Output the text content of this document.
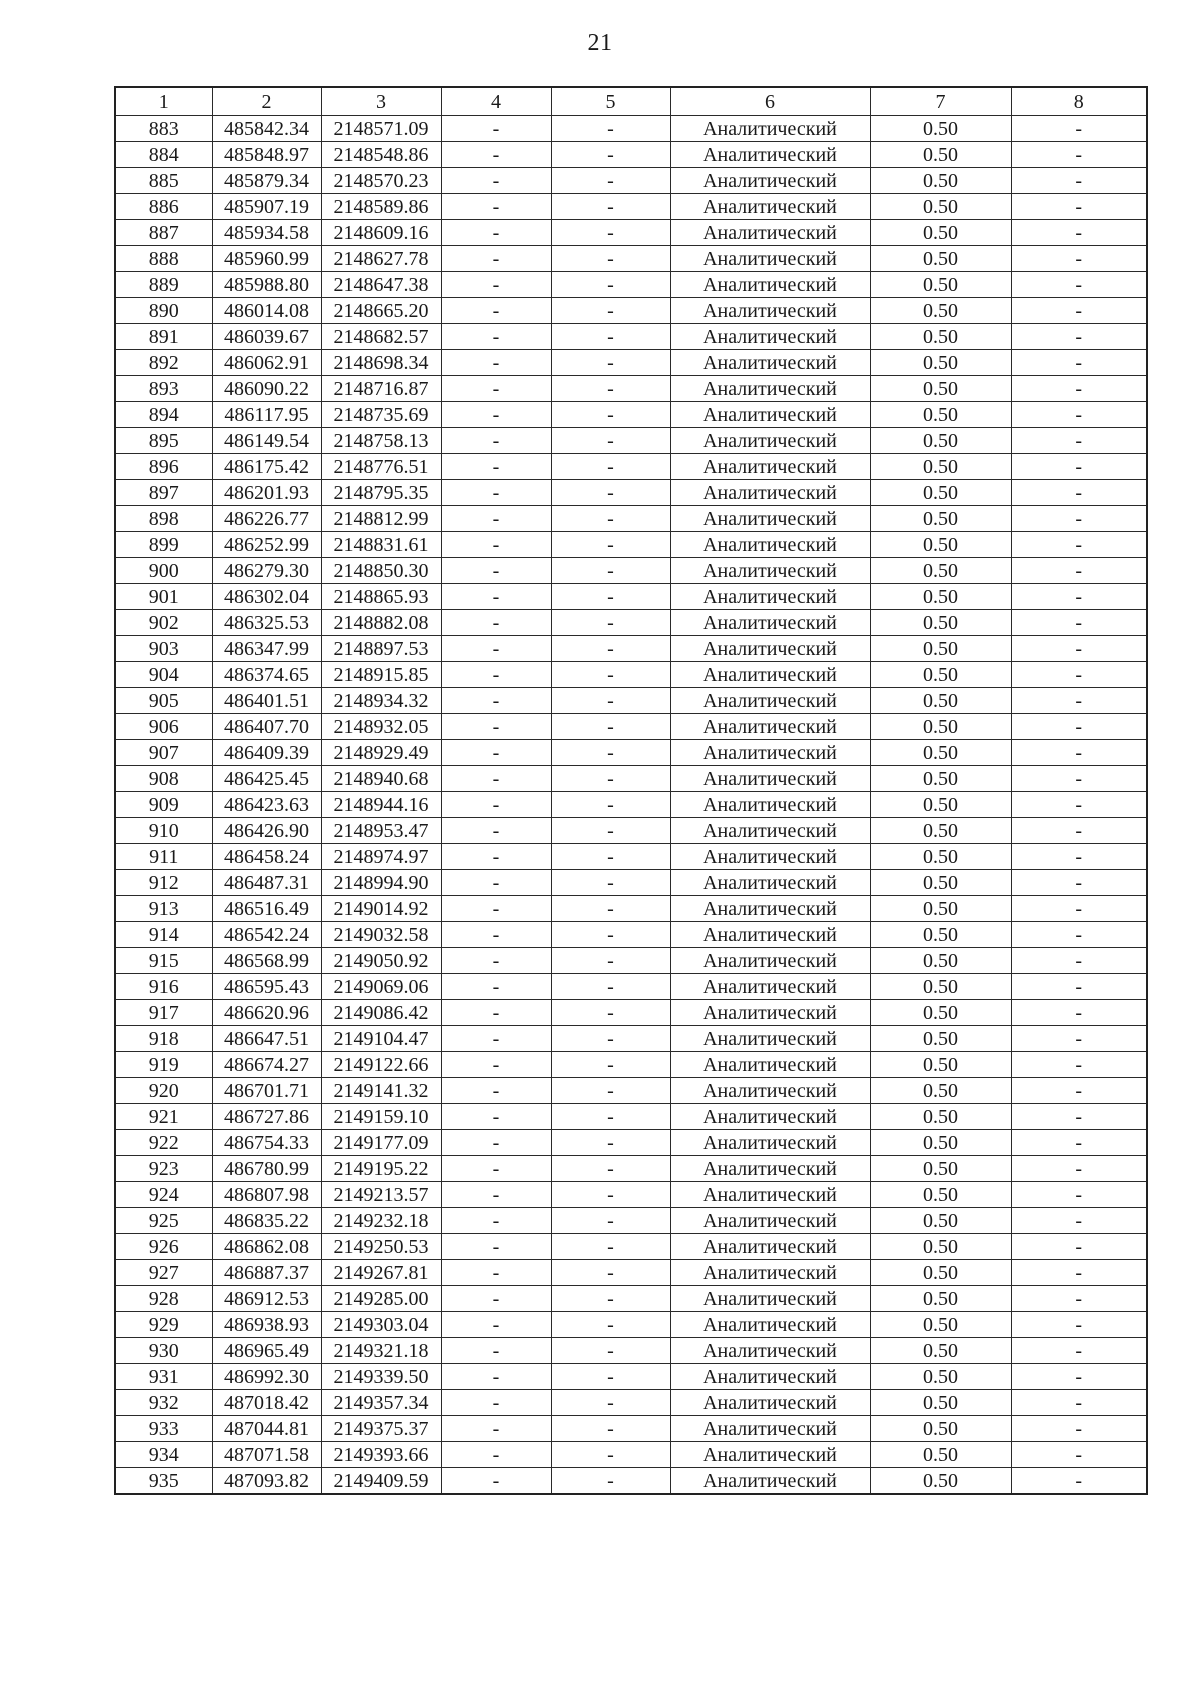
21
1	2	3	4	5	6	7	8
883	485842.34	2148571.09	-	-	Аналитический	0.50	-
884	485848.97	2148548.86	-	-	Аналитический	0.50	-
885	485879.34	2148570.23	-	-	Аналитический	0.50	-
886	485907.19	2148589.86	-	-	Аналитический	0.50	-
887	485934.58	2148609.16	-	-	Аналитический	0.50	-
888	485960.99	2148627.78	-	-	Аналитический	0.50	-
889	485988.80	2148647.38	-	-	Аналитический	0.50	-
890	486014.08	2148665.20	-	-	Аналитический	0.50	-
891	486039.67	2148682.57	-	-	Аналитический	0.50	-
892	486062.91	2148698.34	-	-	Аналитический	0.50	-
893	486090.22	2148716.87	-	-	Аналитический	0.50	-
894	486117.95	2148735.69	-	-	Аналитический	0.50	-
895	486149.54	2148758.13	-	-	Аналитический	0.50	-
896	486175.42	2148776.51	-	-	Аналитический	0.50	-
897	486201.93	2148795.35	-	-	Аналитический	0.50	-
898	486226.77	2148812.99	-	-	Аналитический	0.50	-
899	486252.99	2148831.61	-	-	Аналитический	0.50	-
900	486279.30	2148850.30	-	-	Аналитический	0.50	-
901	486302.04	2148865.93	-	-	Аналитический	0.50	-
902	486325.53	2148882.08	-	-	Аналитический	0.50	-
903	486347.99	2148897.53	-	-	Аналитический	0.50	-
904	486374.65	2148915.85	-	-	Аналитический	0.50	-
905	486401.51	2148934.32	-	-	Аналитический	0.50	-
906	486407.70	2148932.05	-	-	Аналитический	0.50	-
907	486409.39	2148929.49	-	-	Аналитический	0.50	-
908	486425.45	2148940.68	-	-	Аналитический	0.50	-
909	486423.63	2148944.16	-	-	Аналитический	0.50	-
910	486426.90	2148953.47	-	-	Аналитический	0.50	-
911	486458.24	2148974.97	-	-	Аналитический	0.50	-
912	486487.31	2148994.90	-	-	Аналитический	0.50	-
913	486516.49	2149014.92	-	-	Аналитический	0.50	-
914	486542.24	2149032.58	-	-	Аналитический	0.50	-
915	486568.99	2149050.92	-	-	Аналитический	0.50	-
916	486595.43	2149069.06	-	-	Аналитический	0.50	-
917	486620.96	2149086.42	-	-	Аналитический	0.50	-
918	486647.51	2149104.47	-	-	Аналитический	0.50	-
919	486674.27	2149122.66	-	-	Аналитический	0.50	-
920	486701.71	2149141.32	-	-	Аналитический	0.50	-
921	486727.86	2149159.10	-	-	Аналитический	0.50	-
922	486754.33	2149177.09	-	-	Аналитический	0.50	-
923	486780.99	2149195.22	-	-	Аналитический	0.50	-
924	486807.98	2149213.57	-	-	Аналитический	0.50	-
925	486835.22	2149232.18	-	-	Аналитический	0.50	-
926	486862.08	2149250.53	-	-	Аналитический	0.50	-
927	486887.37	2149267.81	-	-	Аналитический	0.50	-
928	486912.53	2149285.00	-	-	Аналитический	0.50	-
929	486938.93	2149303.04	-	-	Аналитический	0.50	-
930	486965.49	2149321.18	-	-	Аналитический	0.50	-
931	486992.30	2149339.50	-	-	Аналитический	0.50	-
932	487018.42	2149357.34	-	-	Аналитический	0.50	-
933	487044.81	2149375.37	-	-	Аналитический	0.50	-
934	487071.58	2149393.66	-	-	Аналитический	0.50	-
935	487093.82	2149409.59	-	-	Аналитический	0.50	-
